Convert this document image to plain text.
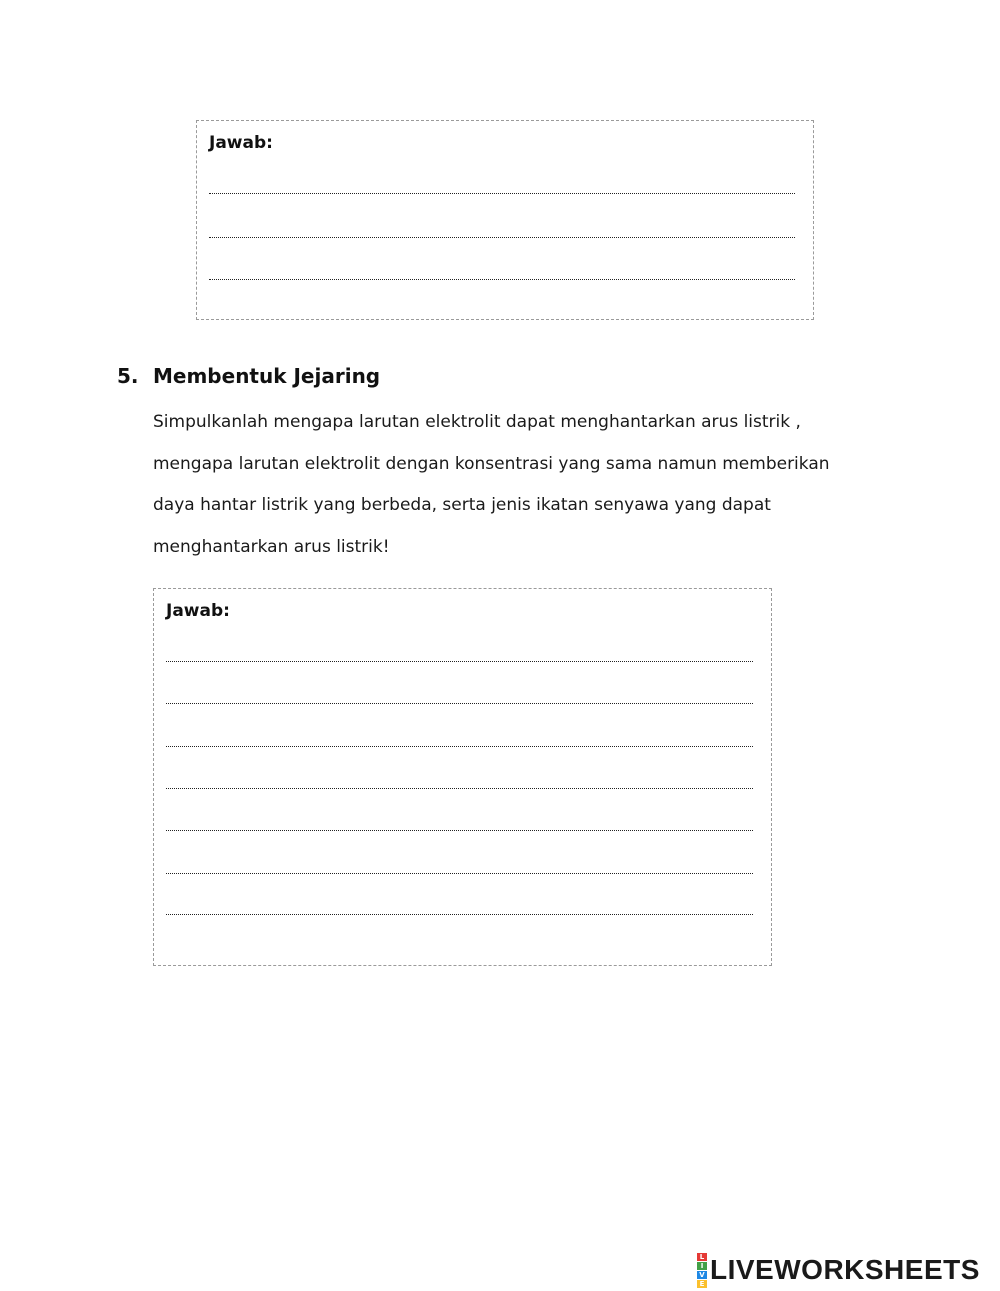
Jawab:

5. Membentuk Jejaring

Simpulkanlah mengapa larutan elektrolit dapat menghantarkan arus listrik ,

mengapa larutan elektrolit dengan konsentrasi yang sama namun memberikan

daya hantar listrik yang berbeda, serta jenis ikatan senyawa yang dapat

menghantarkan arus listrik!

Jawab:

L
I
V
E LIVEWORKSHEETS
